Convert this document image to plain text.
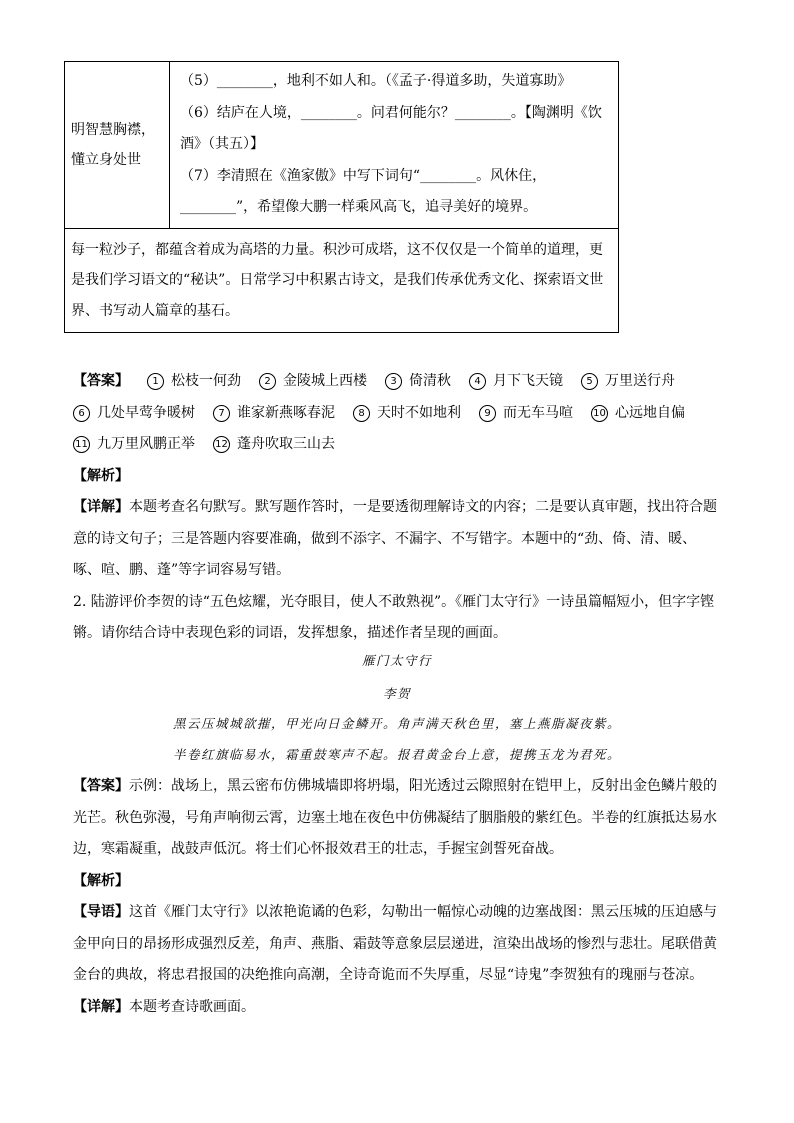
明智慧胸襟，懂立身处世	
（5）________，地利不如人和。（《孟子·得道多助，失道寡助》
（6）结庐在人境，________。问君何能尔？________。【陶渊明《饮酒》（其五）】
（7）李清照在《渔家傲》中写下词句“________。风休住，________”，希望像大鹏一样乘风高飞，追寻美好的境界。

每一粒沙子，都蕴含着成为高塔的力量。积沙可成塔，这不仅仅是一个简单的道理，更是我们学习语文的“秘诀”。日常学习中积累古诗文，是我们传承优秀文化、探索语文世界、书写动人篇章的基石。
【答案】	1 松枝一何劲	2 金陵城上西楼	3 倚清秋	4 月下飞天镜	5 万里送行舟
6 几处早莺争暖树	7 谁家新燕啄春泥	8 天时不如地利	9 而无车马喧 10 心远地自偏
11 九万里风鹏正举 12 蓬舟吹取三山去
【解析】
【详解】本题考查名句默写。默写题作答时，一是要透彻理解诗文的内容；二是要认真审题，找出符合题意的诗文句子；三是答题内容要准确，做到不添字、不漏字、不写错字。本题中的“劲、倚、清、暖、啄、喧、鹏、蓬”等字词容易写错。
2. 陆游评价李贺的诗“五色炫耀，光夺眼目，使人不敢熟视”。《雁门太守行》一诗虽篇幅短小，但字字铿锵。请你结合诗中表现色彩的词语，发挥想象，描述作者呈现的画面。
雁门太守行
李贺
黑云压城城欲摧，甲光向日金鳞开。角声满天秋色里，塞上燕脂凝夜紫。
半卷红旗临易水，霜重鼓寒声不起。报君黄金台上意，提携玉龙为君死。
【答案】示例：战场上，黑云密布仿佛城墙即将坍塌，阳光透过云隙照射在铠甲上，反射出金色鳞片般的光芒。秋色弥漫，号角声响彻云霄，边塞土地在夜色中仿佛凝结了胭脂般的紫红色。半卷的红旗抵达易水边，寒霜凝重，战鼓声低沉。将士们心怀报效君王的壮志，手握宝剑誓死奋战。
【解析】
【导语】这首《雁门太守行》以浓艳诡谲的色彩，勾勒出一幅惊心动魄的边塞战图：黑云压城的压迫感与金甲向日的昂扬形成强烈反差，角声、燕脂、霜鼓等意象层层递进，渲染出战场的惨烈与悲壮。尾联借黄金台的典故，将忠君报国的决绝推向高潮，全诗奇诡而不失厚重，尽显“诗鬼”李贺独有的瑰丽与苍凉。
【详解】本题考查诗歌画面。
